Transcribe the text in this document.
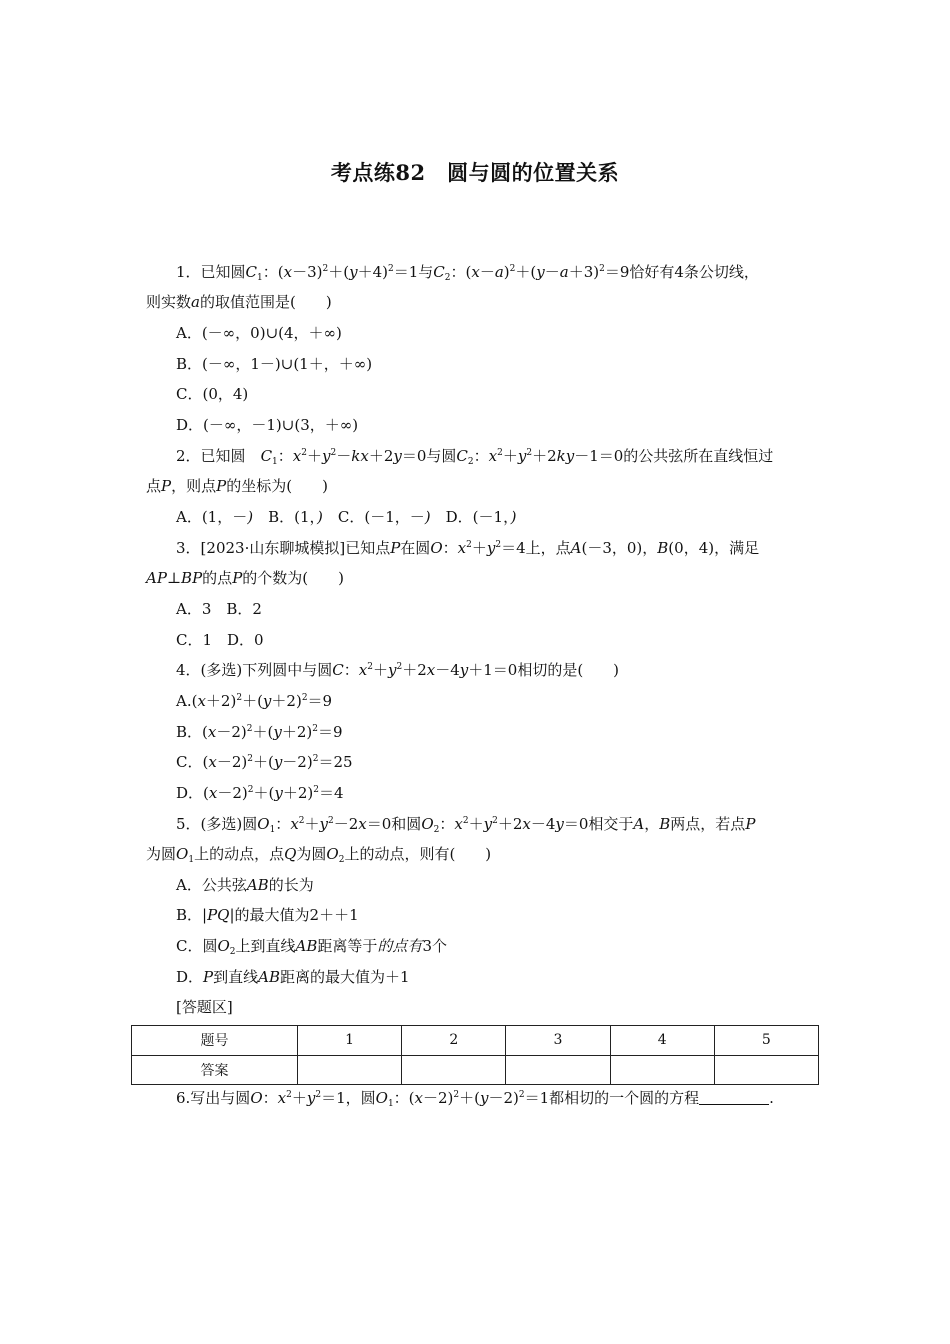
考点练82　圆与圆的位置关系
1．已知圆$C_1$：$(x-3)^2+(y+4)^2=1$与$C_2$：$(x-a)^2+(y-a+3)^2=9$恰好有4条公切线，
则实数a的取值范围是(　　)
A．(－∞，0)∪(4，＋∞)
B．(－∞，1－)∪(1＋，＋∞)
C．(0，4)
D．(－∞，－1)∪(3，＋∞)
2．已知圆　 $C_1$：$x^2+y^2-kx+2y=0$与圆$C_2$：$x^2+y^2+2ky-1=0$的公共弦所在直线恒过
点P，则点P的坐标为(　　)
A．(1，－)　 B．(1，)　 C．(－1，－)　 D．(－1，)
3．[2023·山东聊城模拟]已知点P在圆O：$x^2+y^2=4$上，点A(－3，0)，B(0，4)，满足
AP⊥BP的点P的个数为(　　)
A．3　B．2
C．1　D．0
4．(多选)下列圆中与圆C：$x^2+y^2+2x-4y+1=0$相切的是(　　)
$A.(x+2)^2+(y+2)^2=9$
B．$(x-2)^2+(y+2)^2=9$
C．$(x-2)^2+(y-2)^2=25$
D．$(x-2)^2+(y+2)^2=4$
5．(多选)圆$O_1$：$x^2+y^2-2x=0$和圆$O_2$：$x^2+y^2+2x-4y=0$相交于A，B两点，若点P
为圆$O_1$上的动点，点Q为圆$O_2$上的动点，则有(　　)
A．公共弦AB的长为
B．|PQ|的最大值为2＋＋1
C．圆$O_2$上到直线AB距离等于的点有3个
D．P到直线AB距离的最大值为＋1
[答题区]
题号	1	2	3	4	5
答案					
6.写出与圆O：$x^2+y^2=1$，圆$O_1$：$(x-2)^2+(y-2)^2=1$都相切的一个圆的方程	.
